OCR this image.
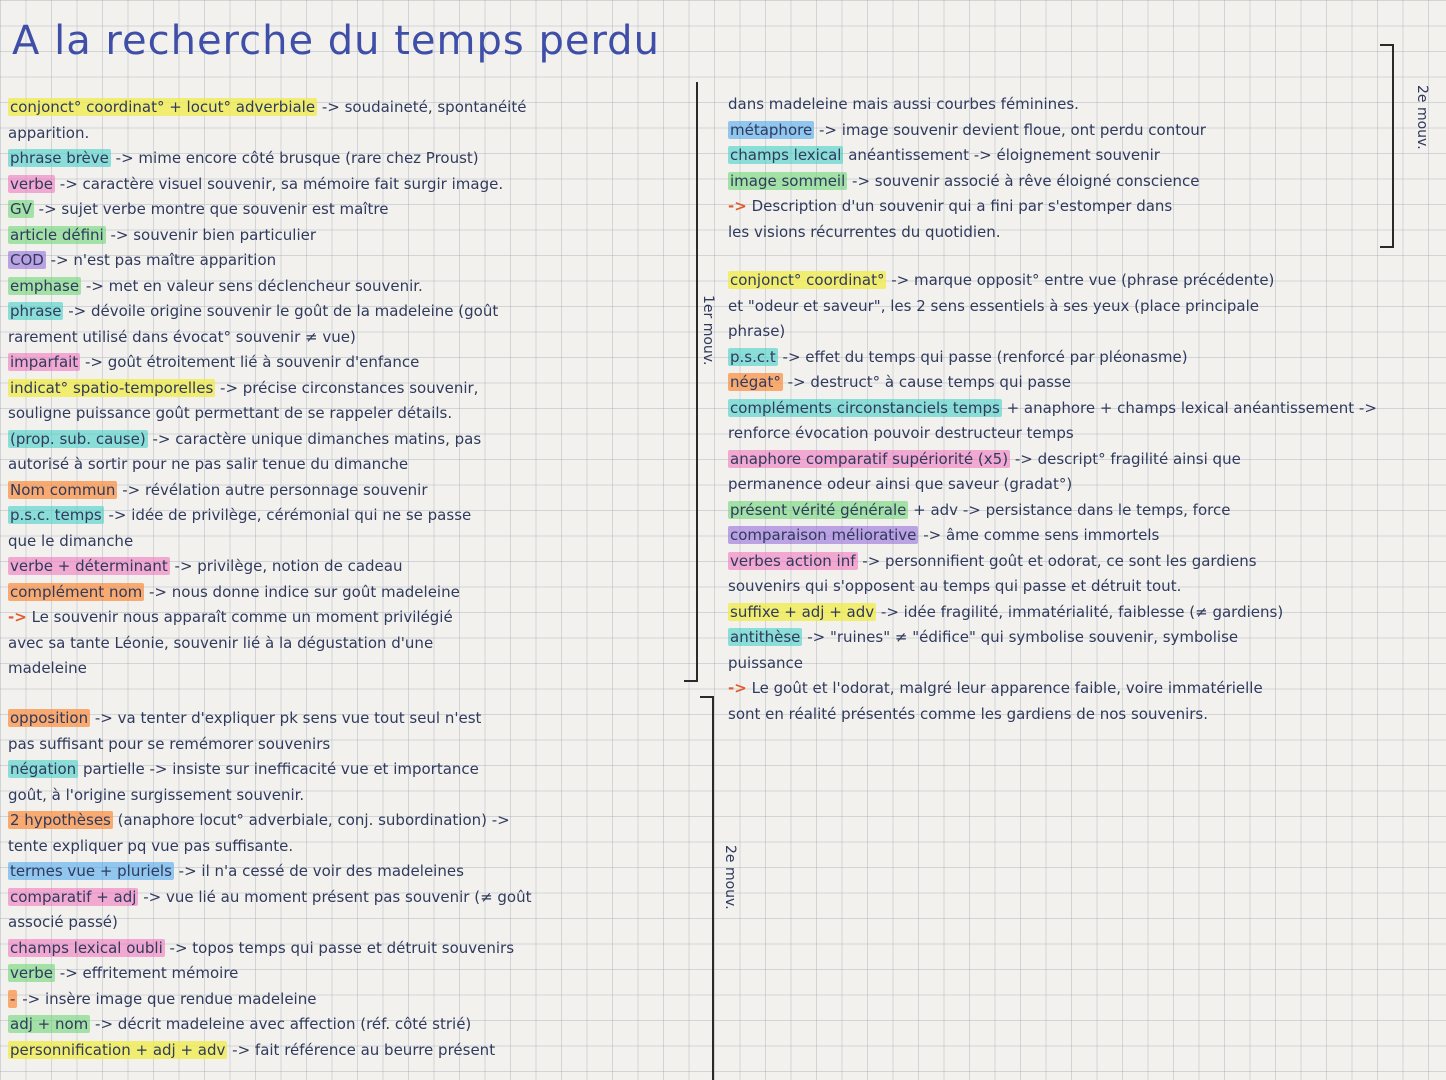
A la recherche du temps perdu
conjonct° coordinat° + locut° adverbiale -> soudaineté, spontanéité
apparition.
phrase brève -> mime encore côté brusque (rare chez Proust)
verbe -> caractère visuel souvenir, sa mémoire fait surgir image.
GV -> sujet verbe montre que souvenir est maître
article défini -> souvenir bien particulier
COD -> n'est pas maître apparition
emphase -> met en valeur sens déclencheur souvenir.
phrase -> dévoile origine souvenir le goût de la madeleine (goût
rarement utilisé dans évocat° souvenir ≠ vue)
imparfait -> goût étroitement lié à souvenir d'enfance
indicat° spatio-temporelles -> précise circonstances souvenir,
souligne puissance goût permettant de se rappeler détails.
(prop. sub. cause) -> caractère unique dimanches matins, pas
autorisé à sortir pour ne pas salir tenue du dimanche
Nom commun -> révélation autre personnage souvenir
p.s.c. temps -> idée de privilège, cérémonial qui ne se passe
que le dimanche
verbe + déterminant -> privilège, notion de cadeau
complément nom -> nous donne indice sur goût madeleine
-> Le souvenir nous apparaît comme un moment privilégié
avec sa tante Léonie, souvenir lié à la dégustation d'une
madeleine
opposition -> va tenter d'expliquer pk sens vue tout seul n'est
pas suffisant pour se remémorer souvenirs
négation partielle -> insiste sur inefficacité vue et importance
goût, à l'origine surgissement souvenir.
2 hypothèses (anaphore locut° adverbiale, conj. subordination) ->
tente expliquer pq vue pas suffisante.
termes vue + pluriels -> il n'a cessé de voir des madeleines
comparatif + adj -> vue lié au moment présent pas souvenir (≠ goût
associé passé)
champs lexical oubli -> topos temps qui passe et détruit souvenirs
verbe -> effritement mémoire
- -> insère image que rendue madeleine
adj + nom -> décrit madeleine avec affection (réf. côté strié)
personnification + adj + adv -> fait référence au beurre présent
dans madeleine mais aussi courbes féminines.
métaphore -> image souvenir devient floue, ont perdu contour
champs lexical anéantissement -> éloignement souvenir
image sommeil -> souvenir associé à rêve éloigné conscience
-> Description d'un souvenir qui a fini par s'estomper dans
les visions récurrentes du quotidien.
conjonct° coordinat° -> marque opposit° entre vue (phrase précédente)
et "odeur et saveur", les 2 sens essentiels à ses yeux (place principale
phrase)
p.s.c.t -> effet du temps qui passe (renforcé par pléonasme)
négat° -> destruct° à cause temps qui passe
compléments circonstanciels temps + anaphore + champs lexical anéantissement ->
renforce évocation pouvoir destructeur temps
anaphore comparatif supériorité (x5) -> descript° fragilité ainsi que
permanence odeur ainsi que saveur (gradat°)
présent vérité générale + adv -> persistance dans le temps, force
comparaison méliorative -> âme comme sens immortels
verbes action inf -> personnifient goût et odorat, ce sont les gardiens
souvenirs qui s'opposent au temps qui passe et détruit tout.
suffixe + adj + adv -> idée fragilité, immatérialité, faiblesse (≠ gardiens)
antithèse -> "ruines" ≠ "édifice" qui symbolise souvenir, symbolise
puissance
-> Le goût et l'odorat, malgré leur apparence faible, voire immatérielle
sont en réalité présentés comme les gardiens de nos souvenirs.
1er mouv.
2e mouv.
2e mouv.
